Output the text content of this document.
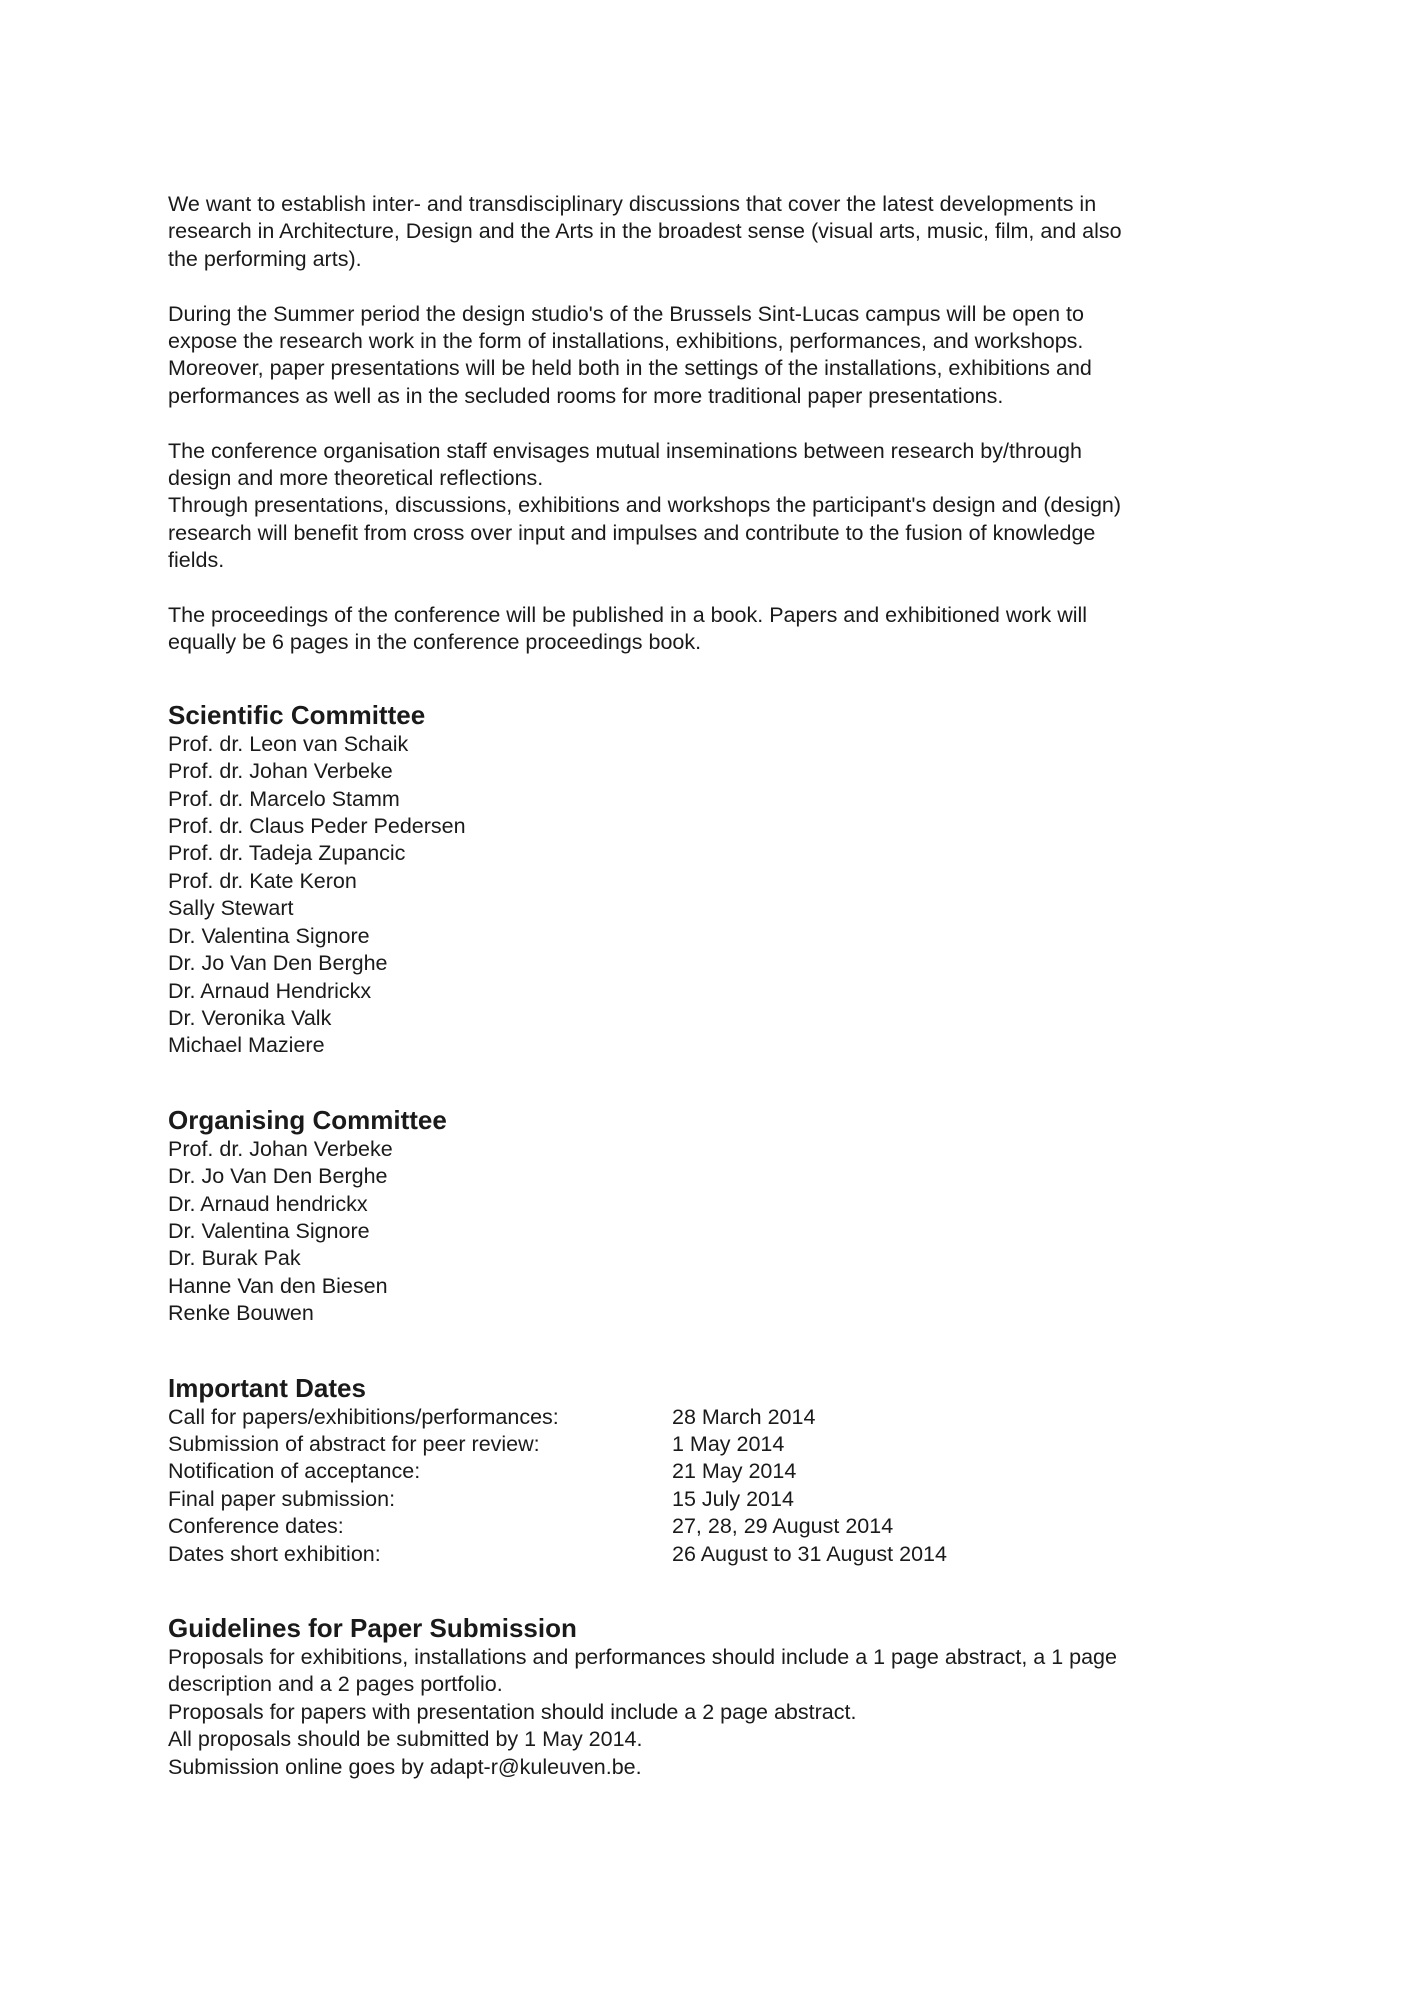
We want to establish inter- and transdisciplinary discussions that cover the latest developments in
research in Architecture, Design and the Arts in the broadest sense (visual arts, music, film, and also
the performing arts).

During the Summer period the design studio's of the Brussels Sint-Lucas campus will be open to
expose the research work in the form of installations, exhibitions, performances, and workshops.
Moreover, paper presentations will be held both in the settings of the installations, exhibitions and
performances as well as in the secluded rooms for more traditional paper presentations.

The conference organisation staff envisages mutual inseminations between research by/through
design and more theoretical reflections.
Through presentations, discussions, exhibitions and workshops the participant's design and (design)
research will benefit from cross over input and impulses and contribute to the fusion of knowledge
fields.

The proceedings of the conference will be published in a book. Papers and exhibitioned work will
equally be 6 pages in the conference proceedings book.

Scientific Committee
Prof. dr. Leon van Schaik
Prof. dr. Johan Verbeke
Prof. dr. Marcelo Stamm
Prof. dr. Claus Peder Pedersen
Prof. dr. Tadeja Zupancic
Prof. dr. Kate Keron
Sally Stewart
Dr. Valentina Signore
Dr. Jo Van Den Berghe
Dr. Arnaud Hendrickx
Dr. Veronika Valk
Michael Maziere
Organising Committee
Prof. dr. Johan Verbeke
Dr. Jo Van Den Berghe
Dr. Arnaud hendrickx
Dr. Valentina Signore
Dr. Burak Pak
Hanne Van den Biesen
Renke Bouwen
Important Dates
Call for papers/exhibitions/performances:	28 March 2014
Submission of abstract for peer review:	1 May 2014
Notification of acceptance:	21 May 2014
Final paper submission:	15 July 2014
Conference dates:	27, 28, 29 August 2014
Dates short exhibition:	26 August to 31 August 2014
Guidelines for Paper Submission

Proposals for exhibitions, installations and performances should include a 1 page abstract, a 1 page
description and a 2 pages portfolio.
Proposals for papers with presentation should include a 2 page abstract.
All proposals should be submitted by 1 May 2014.
Submission online goes by adapt-r@kuleuven.be.
